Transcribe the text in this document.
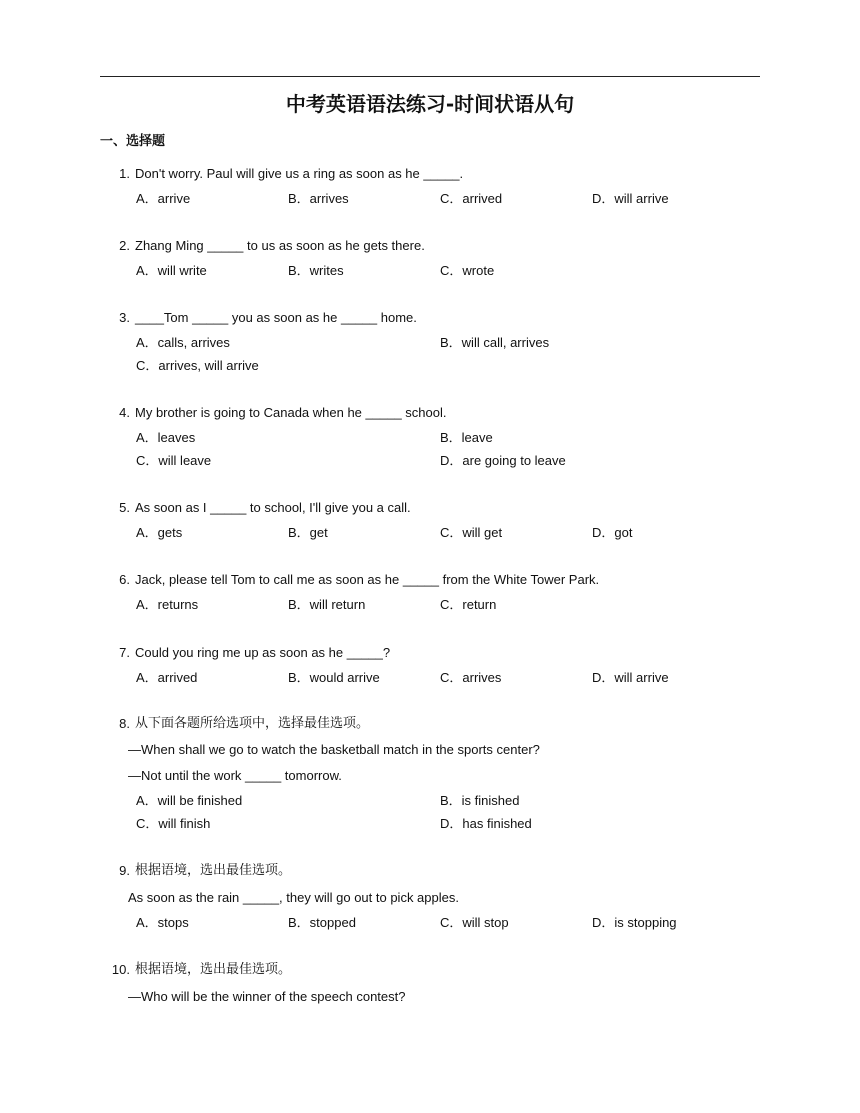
中考英语语法练习-时间状语从句
一、选择题
1. Don't worry. Paul will give us a ring as soon as he _____.
A．arrive	B．arrives	C．arrived	D．will arrive
2. Zhang Ming _____ to us as soon as he gets there.
A．will write	B．writes	C．wrote
3. ____Tom _____ you as soon as he _____ home.
A．calls, arrives	B．will call, arrives
C．arrives, will arrive
4. My brother is going to Canada when he _____ school.
A．leaves	B．leave
C．will leave	D．are going to leave
5. As soon as I _____ to school, I'll give you a call.
A．gets	B．get	C．will get	D．got
6. Jack, please tell Tom to call me as soon as he _____ from the White Tower Park.
A．returns	B．will return	C．return
7. Could you ring me up as soon as he _____?
A．arrived	B．would arrive	C．arrives	D．will arrive
8. 从下面各题所给选项中，选择最佳选项。
—When shall we go to watch the basketball match in the sports center?
—Not until the work _____ tomorrow.
A．will be finished	B．is finished
C．will finish	D．has finished
9. 根据语境，选出最佳选项。
As soon as the rain _____, they will go out to pick apples.
A．stops	B．stopped	C．will stop	D．is stopping
10. 根据语境，选出最佳选项。
—Who will be the winner of the speech contest?
